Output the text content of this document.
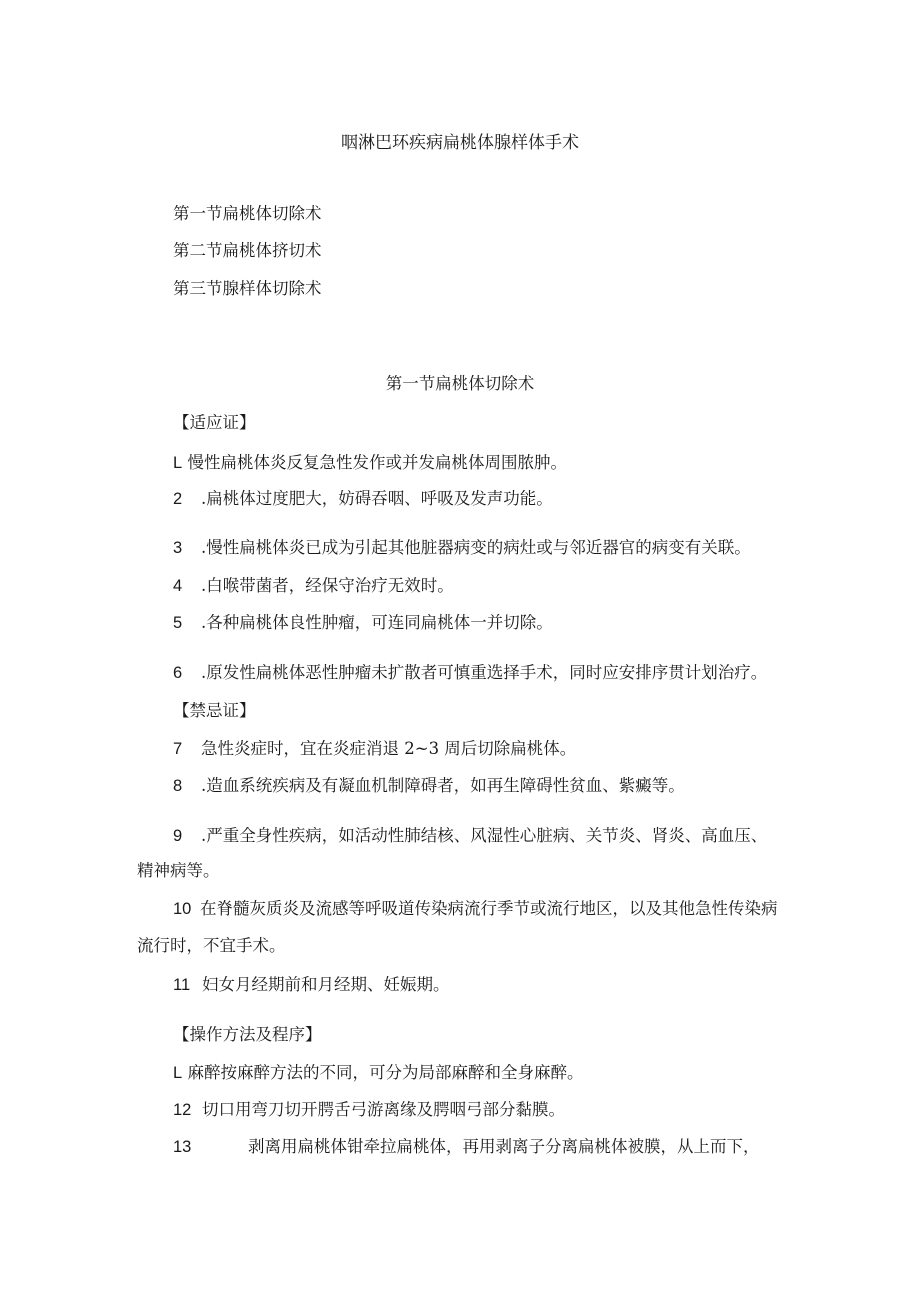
咽淋巴环疾病扁桃体腺样体手术
第一节扁桃体切除术
第二节扁桃体挤切术
第三节腺样体切除术
第一节扁桃体切除术
【适应证】
L 慢性扁桃体炎反复急性发作或并发扁桃体周围脓肿。
2 .扁桃体过度肥大，妨碍吞咽、呼吸及发声功能。
3 .慢性扁桃体炎已成为引起其他脏器病变的病灶或与邻近器官的病变有关联。
4 .白喉带菌者，经保守治疗无效时。
5 .各种扁桃体良性肿瘤，可连同扁桃体一并切除。
6 .原发性扁桃体恶性肿瘤未扩散者可慎重选择手术，同时应安排序贯计划治疗。
【禁忌证】
7 急性炎症时，宜在炎症消退 2~3 周后切除扁桃体。
8 .造血系统疾病及有凝血机制障碍者，如再生障碍性贫血、紫癜等。
9 .严重全身性疾病，如活动性肺结核、风湿性心脏病、关节炎、肾炎、高血压、
精神病等。
10 在脊髓灰质炎及流感等呼吸道传染病流行季节或流行地区，以及其他急性传染病
流行时，不宜手术。
11 妇女月经期前和月经期、妊娠期。
【操作方法及程序】
L 麻醉按麻醉方法的不同，可分为局部麻醉和全身麻醉。
12 切口用弯刀切开腭舌弓游离缘及腭咽弓部分黏膜。
13	剥离用扁桃体钳牵拉扁桃体，再用剥离子分离扁桃体被膜，从上而下，
